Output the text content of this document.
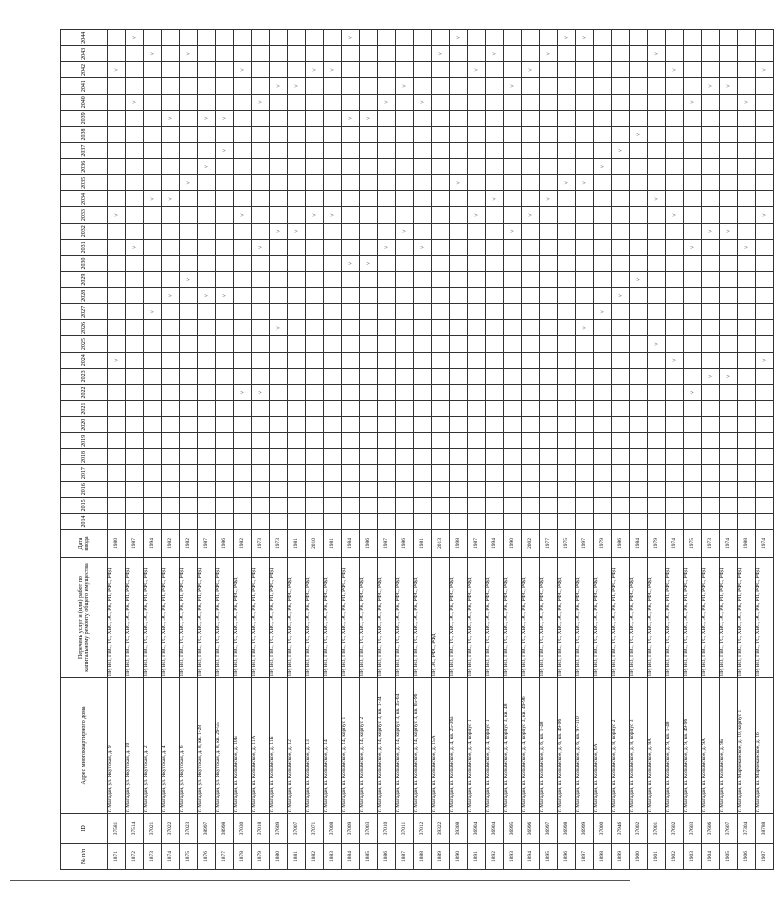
№ п/п	ID	Адрес многоквартирного дома	Перечень услуг и (или) работ по капитальному ремонту общего имущества	Дата ввода	2014	2015	2016	2017	2018	2019	2020	2021	2022	2023	2024	2025	2026	2027	2028	2029	2030	2031	2032	2033	2034	2035	2036	2037	2038	2039	2040	2041	2042	2043	2044
1871	37581	г. Магадан, ул. Якутская, д. 9	ПР, ВО, ГВС, ТС, ХВС, ЭС, РК, РП, РФС, РФД	1980											˅									˅									˅		
1872	37514	г. Магадан, ул. Якутская, д. 10	ПР, ВО, ГВС, ТС, ХВС, ЭС, РК, РП, РФС, РФД	1987																		˅									˅				˅
1873	37021	г. Магадан, ул. Якутская, д. 2	ПР, ВО, ГВС, ТС, ХВС, ЭС, РК, РП, РФС, РФД	1994														˅							˅									˅	
1874	37022	г. Магадан, ул. Якутская, д. 4	ПР, ВО, ГВС, ТС, ХВС, ЭС, РК, РП, РФС, РФД	1982															˅						˅					˅					
1875	37023	г. Магадан, ул. Якутская, д. 6	ПР, ВО, ГВС, ТС, ХВС, ЭС, РК, РП, РФС, РФД	1982																˅						˅								˅	
1876	38997	г. Магадан, ул. Якутская, д. 8, кв. 1-28	ПР, ВО, ГВС, ТС, ХВС, ЭС, РК, РП, РФС, РФД	1987															˅								˅			˅					
1877	38998	г. Магадан, ул. Якутская, д. 8, кв. 29-55	ПР, ВО, ГВС, ТС, ХВС, ЭС, РК, РП, РФС, РФД	1986															˅									˅		˅					
1878	37030	г. Магадан, ш. Колымское, д. 10Б	ПР, ВО, ГВС, ТС, ХВС, ЭС, РК, РФС, РФД	1982									˅											˅									˅		
1879	37018	г. Магадан, ш. Колымское, д. 11А	ПР, ВО, ГВС, ТС, ХВС, ЭС, РК, РП, РФС, РФД	1973									˅									˅									˅				
1880	37609	г. Магадан, ш. Колымское, д. 11Б	ПР, ВО, ГВС, ТС, ХВС, ЭС, РК, РП, РФС, РФД	1973													˅						˅									˅			
1881	37007	г. Магадан, ш. Колымское, д. 12	ПР, ВО, ГВС, ТС, ХВС, ЭС, РК, РФС, РФД	1981																			˅									˅			
1882	37071	г. Магадан, ш. Колымское, д. 13	ПР, ВО, ГВС, ТС, ХВС, ЭС, РК, РФС, РФД	2010																				˅									˅		
1883	37008	г. Магадан, ш. Колымское, д. 14	ПР, ВО, ГВС, ТС, ХВС, ЭС, РК, РФС, РФД	1981																				˅									˅		
1884	37009	г. Магадан, ш. Колымское, д. 14, корпус 1	ПР, ВО, ГВС, ТС, ХВС, ЭС, РК, РП, РФС, РФД	1984																	˅									˅					˅
1885	37003	г. Магадан, ш. Колымское, д. 14, корпус 2	ПР, ВО, ГВС, ТС, ХВС, ЭС, РК, РФС, РФД	1986																	˅									˅					
1886	37010	г. Магадан, ш. Колымское, д. 14, корпус 3, кв. 1-34	ПР, ВО, ГВС, ТС, ХВС, ЭС, РК, РФС, РФД	1987																		˅									˅				
1887	37011	г. Магадан, ш. Колымское, д. 14, корпус 3, кв. 35-64	ПР, ВО, ГВС, ТС, ХВС, ЭС, РК, РФС, РФД	1986																			˅									˅			
1888	37012	г. Магадан, ш. Колымское, д. 14, корпус 3, кв. 65-96	ПР, ВО, ГВС, ТС, ХВС, ЭС, РК, РФС, РФД	1981																		˅									˅				
1889	39322	г. Магадан, ш. Колымское, д. 15А	ПР, ЭС, РФС, РФД	2013																														˅	
1890	39308	г. Магадан, ш. Колымское, д. 4, кв. 25-36а	ПР, ВО, ГВС, ТС, ХВС, ЭС, РК, РФС, РФД	1998																						˅									˅
1891	36904	г. Магадан, ш. Колымское, д. 4, корпус 1	ПР, ВО, ГВС, ТС, ХВС, ЭС, РК, РФС, РФД	1987																				˅									˅		
1892	36904	г. Магадан, ш. Колымское, д. 4, корпус 1	ПР, ВО, ГВС, ТС, ХВС, ЭС, РК, РФС, РФД	1994																					˅									˅	
1893	36995	г. Магадан, ш. Колымское, д. 4, корпус 3, кв. 48	ПР, ВО, ГВС, ТС, ХВС, ЭС, РК, РФС, РФД	1990																			˅									˅			
1894	36996	г. Магадан, ш. Колымское, д. 4, корпус 3, кв. 49-96	ПР, ВО, ГВС, ТС, ХВС, ЭС, РК, РФС, РФД	2002																				˅									˅		
1895	36997	г. Магадан, ш. Колымское, д. 6, кв. 1-48	ПР, ВО, ГВС, ТС, ХВС, ЭС, РК, РФС, РФД	1977																					˅									˅	
1896	36998	г. Магадан, ш. Колымское, д. 6, кв. 49-96	ПР, ВО, ГВС, ТС, ХВС, ЭС, РК, РФС, РФД	1975																						˅									˅
1897	36999	г. Магадан, ш. Колымское, д. 6, кв. 97-110	ПР, ВО, ГВС, ТС, ХВС, ЭС, РК, РФС, РФД	1997													˅									˅									˅
1898	37000	г. Магадан, ш. Колымское, 6А	ПР, ВО, ГВС, ТС, ХВС, ЭС, РК, РФС, РФД	1979														˅									˅								
1899	37946	г. Магадан, ш. Колымское, д. 8, корпус 2	ПР, ВО, ГВС, ТС, ХВС, ЭС, РК, РП, РФС, РФД	1986															˅									˅							
1900	37002	г. Магадан, ш. Колымское, д. 8, корпус 3	ПР, ВО, ГВС, ТС, ХВС, ЭС, РК, РФС, РФД	1984																˅									˅						
1901	37001	г. Магадан, ш. Колымское, д. 8А	ПР, ВО, ГВС, ТС, ХВС, ЭС, РК, РФС, РФД	1979												˅									˅									˅	
1902	37602	г. Магадан, ш. Колымское, д. 9, кв. 1-48	ПР, ВО, ГВС, ТС, ХВС, ЭС, РК, РП, РФС, РФД	1974											˅									˅									˅		
1903	37603	г. Магадан, ш. Колымское, д. 9, кв. 49-96	ПР, ВО, ГВС, ТС, ХВС, ЭС, РК, РП, РФС, РФД	1975									˅									˅									˅				
1904	37606	г. Магадан, ш. Колымское, д. 9А	ПР, ВО, ГВС, ТС, ХВС, ЭС, РК, РП, РФС, РФД	1973										˅									˅									˅			
1905	37607	г. Магадан, ш. Колымское, д. 9Б	ПР, ВО, ГВС, ТС, ХВС, ЭС, РК, РП, РФС, РФД	1974										˅									˅									˅			
1906	37304	г. Магадан, ш. Марчеканское, д. 10, корпус 1	ПР, ВО, ГВС, ТС, ХВС, ЭС, РК, РП, РФС, РФД	1988																		˅									˅				
1907	38788	г. Магадан, ш. Марчеканское, д. 16	ПР, ВО, ГВС, ТС, ХВС, ЭС, РК, РП, РФС, РФД	1974											˅									˅									˅		
